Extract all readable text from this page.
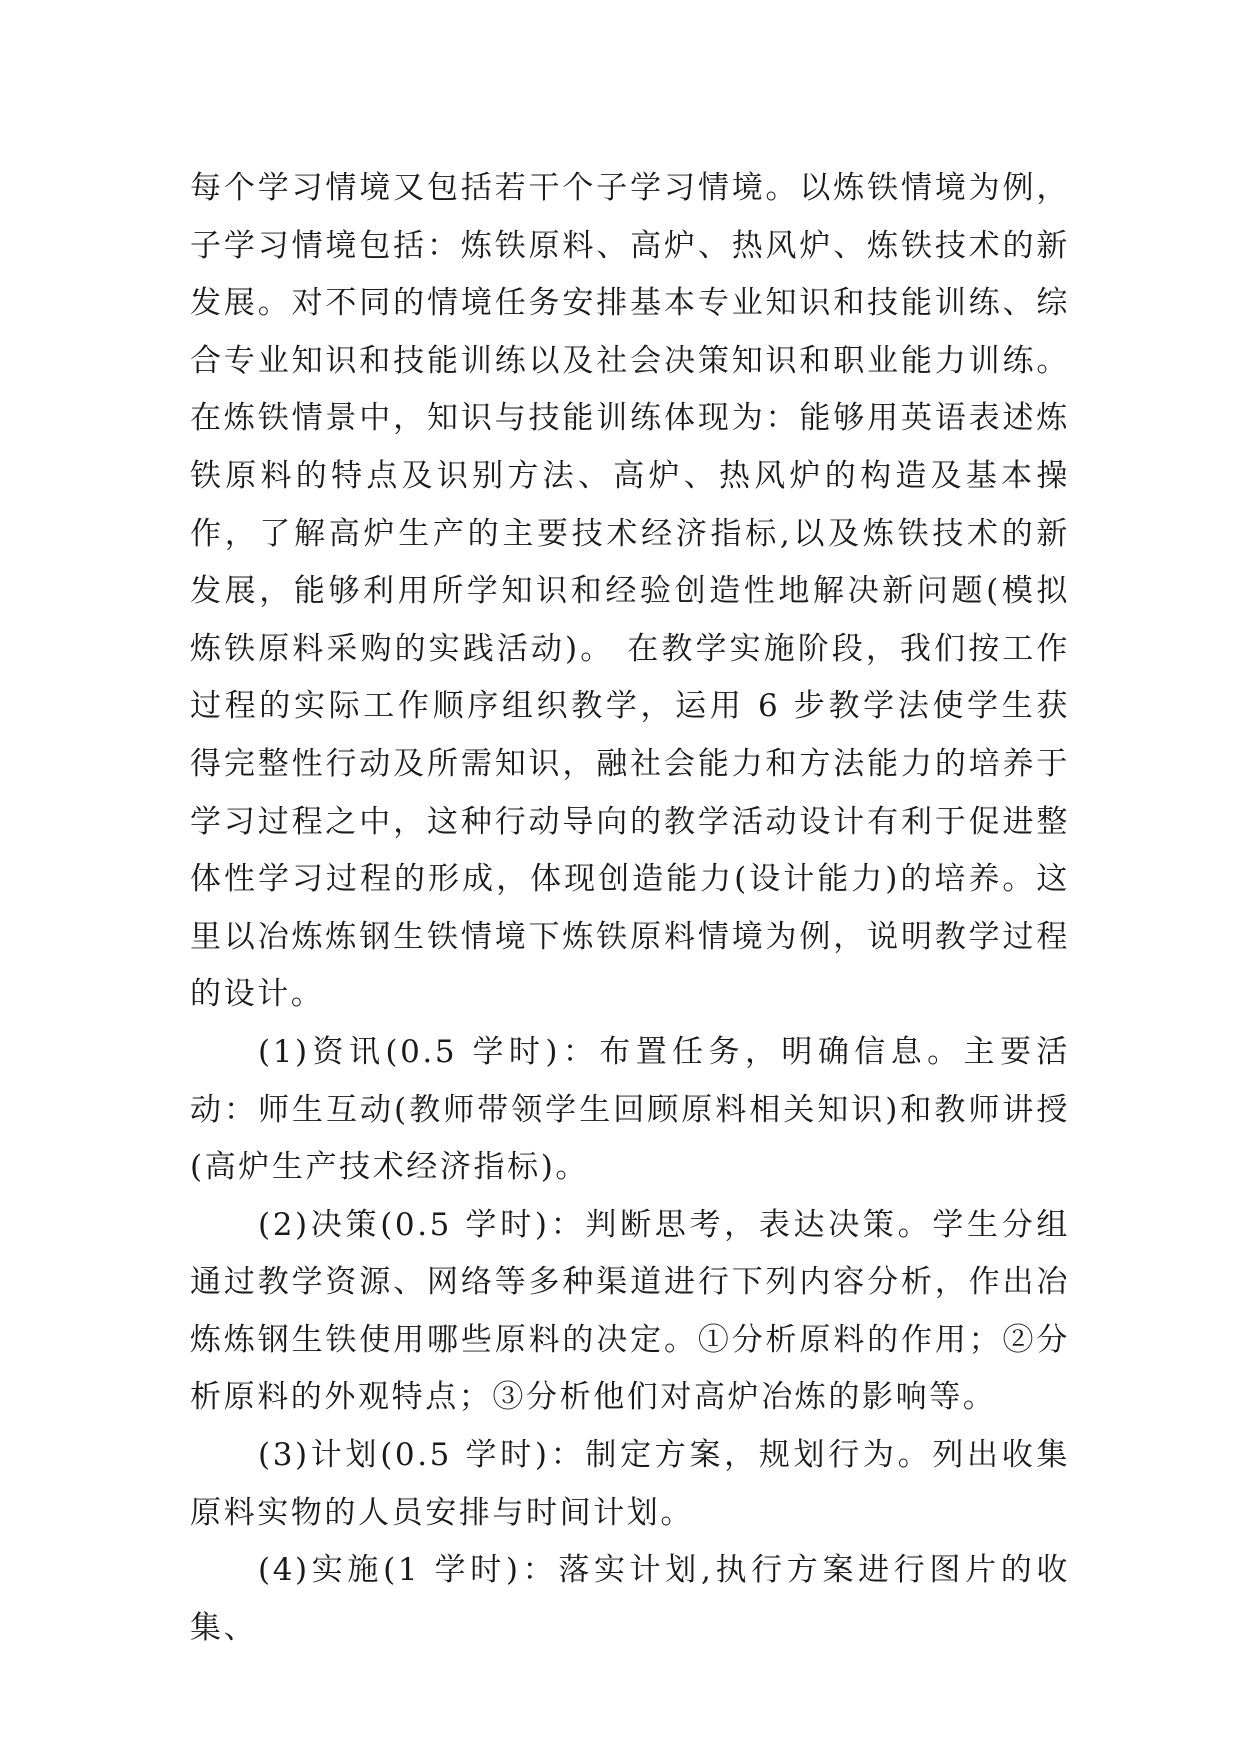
每个学习情境又包括若干个子学习情境。以炼铁情境为例，子学习情境包括：炼铁原料、高炉、热风炉、炼铁技术的新发展。对不同的情境任务安排基本专业知识和技能训练、综合专业知识和技能训练以及社会决策知识和职业能力训练。在炼铁情景中，知识与技能训练体现为：能够用英语表述炼铁原料的特点及识别方法、高炉、热风炉的构造及基本操作，了解高炉生产的主要技术经济指标,以及炼铁技术的新发展，能够利用所学知识和经验创造性地解决新问题(模拟炼铁原料采购的实践活动)。 在教学实施阶段，我们按工作过程的实际工作顺序组织教学，运用 6 步教学法使学生获得完整性行动及所需知识，融社会能力和方法能力的培养于学习过程之中，这种行动导向的教学活动设计有利于促进整体性学习过程的形成，体现创造能力(设计能力)的培养。这里以冶炼炼钢生铁情境下炼铁原料情境为例，说明教学过程的设计。

(1)资讯(0.5 学时)：布置任务，明确信息。主要活动：师生互动(教师带领学生回顾原料相关知识)和教师讲授(高炉生产技术经济指标)。

(2)决策(0.5 学时)：判断思考，表达决策。学生分组通过教学资源、网络等多种渠道进行下列内容分析，作出冶炼炼钢生铁使用哪些原料的决定。①分析原料的作用；②分析原料的外观特点；③分析他们对高炉冶炼的影响等。

(3)计划(0.5 学时)：制定方案，规划行为。列出收集原料实物的人员安排与时间计划。

(4)实施(1 学时)：落实计划,执行方案进行图片的收集、
